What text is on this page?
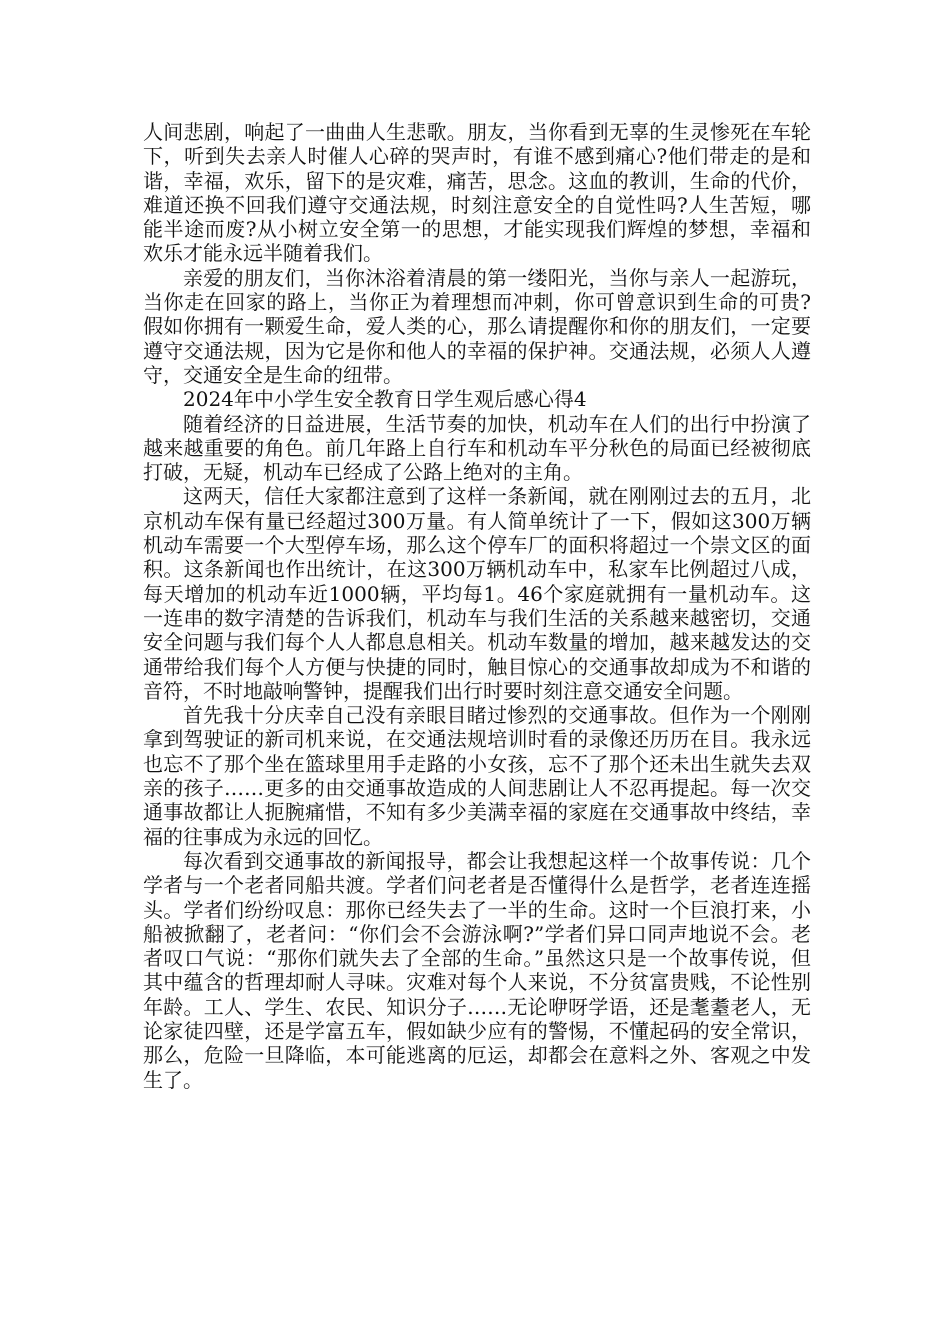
人间悲剧，响起了一曲曲人生悲歌。朋友，当你看到无辜的生灵惨死在车轮下，听到失去亲人时催人心碎的哭声时，有谁不感到痛心?他们带走的是和谐，幸福，欢乐，留下的是灾难，痛苦，思念。这血的教训，生命的代价，难道还换不回我们遵守交通法规，时刻注意安全的自觉性吗?人生苦短，哪能半途而废?从小树立安全第一的思想，才能实现我们辉煌的梦想，幸福和欢乐才能永远半随着我们。

亲爱的朋友们，当你沐浴着清晨的第一缕阳光，当你与亲人一起游玩，当你走在回家的路上，当你正为着理想而冲刺，你可曾意识到生命的可贵?假如你拥有一颗爱生命，爱人类的心，那么请提醒你和你的朋友们，一定要遵守交通法规，因为它是你和他人的幸福的保护神。交通法规，必须人人遵守，交通安全是生命的纽带。

2024年中小学生安全教育日学生观后感心得4

随着经济的日益进展，生活节奏的加快，机动车在人们的出行中扮演了越来越重要的角色。前几年路上自行车和机动车平分秋色的局面已经被彻底打破，无疑，机动车已经成了公路上绝对的主角。

这两天，信任大家都注意到了这样一条新闻，就在刚刚过去的五月，北京机动车保有量已经超过300万量。有人简单统计了一下，假如这300万辆机动车需要一个大型停车场，那么这个停车厂的面积将超过一个崇文区的面积。这条新闻也作出统计，在这300万辆机动车中，私家车比例超过八成，每天增加的机动车近1000辆，平均每1。46个家庭就拥有一量机动车。这一连串的数字清楚的告诉我们，机动车与我们生活的关系越来越密切，交通安全问题与我们每个人人都息息相关。机动车数量的增加，越来越发达的交通带给我们每个人方便与快捷的同时，触目惊心的交通事故却成为不和谐的音符，不时地敲响警钟，提醒我们出行时要时刻注意交通安全问题。

首先我十分庆幸自己没有亲眼目睹过惨烈的交通事故。但作为一个刚刚拿到驾驶证的新司机来说，在交通法规培训时看的录像还历历在目。我永远也忘不了那个坐在篮球里用手走路的小女孩，忘不了那个还未出生就失去双亲的孩子……更多的由交通事故造成的人间悲剧让人不忍再提起。每一次交通事故都让人扼腕痛惜，不知有多少美满幸福的家庭在交通事故中终结，幸福的往事成为永远的回忆。

每次看到交通事故的新闻报导，都会让我想起这样一个故事传说：几个学者与一个老者同船共渡。学者们问老者是否懂得什么是哲学，老者连连摇头。学者们纷纷叹息：那你已经失去了一半的生命。这时一个巨浪打来，小船被掀翻了，老者问：“你们会不会游泳啊?”学者们异口同声地说不会。老者叹口气说：“那你们就失去了全部的生命。”虽然这只是一个故事传说，但其中蕴含的哲理却耐人寻味。灾难对每个人来说，不分贫富贵贱，不论性别年龄。工人、学生、农民、知识分子……无论咿呀学语，还是耄耋老人，无论家徒四壁，还是学富五车，假如缺少应有的警惕，不懂起码的安全常识，那么，危险一旦降临，本可能逃离的厄运，却都会在意料之外、客观之中发生了。
